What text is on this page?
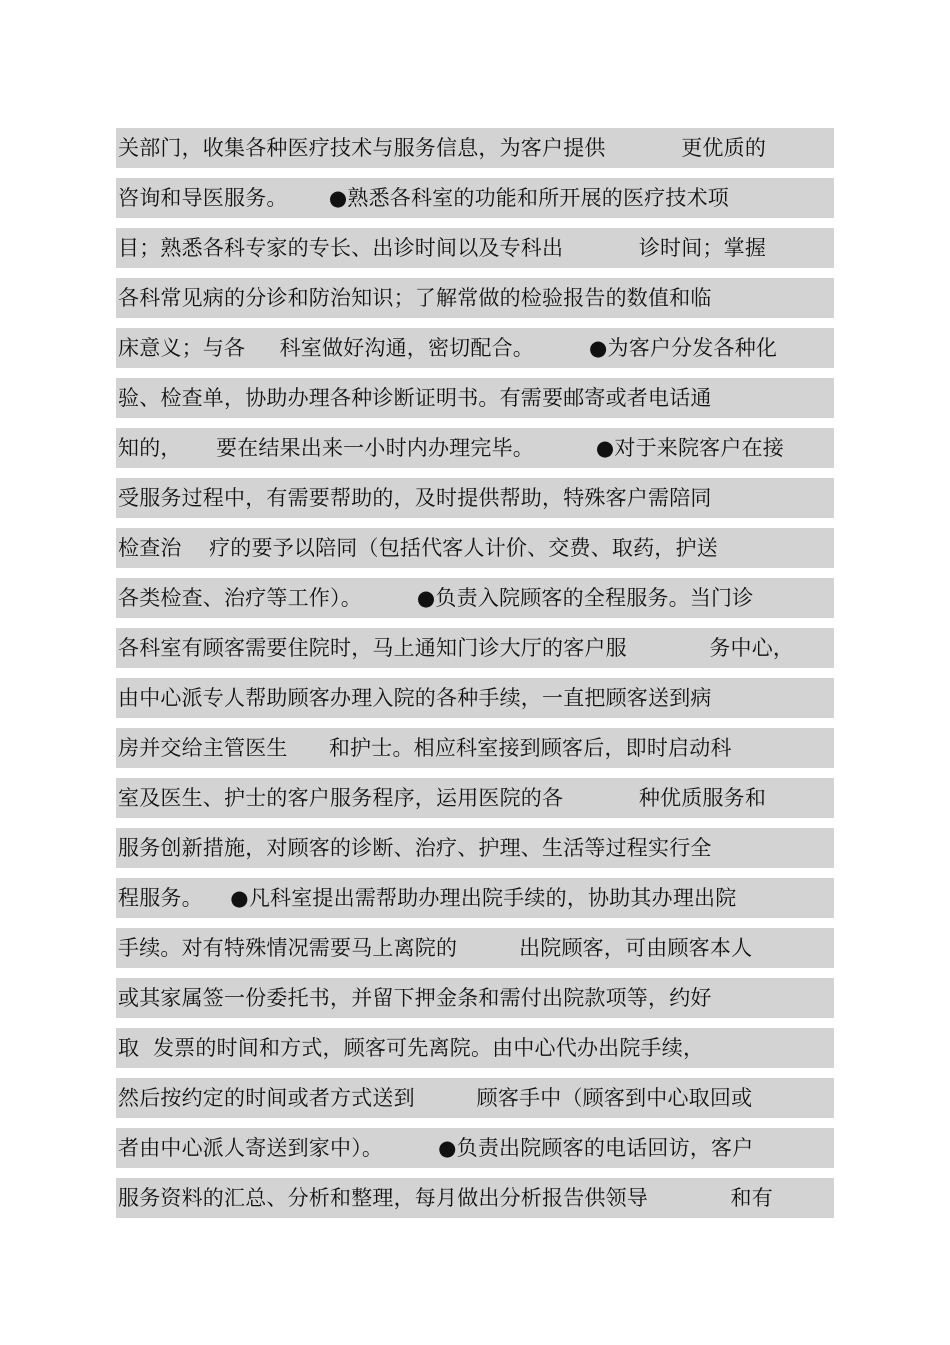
关部门，收集各种医疗技术与服务信息，为客户提供           更优质的
咨询和导医服务。      ●熟悉各科室的功能和所开展的医疗技术项
目；熟悉各科专家的专长、出诊时间以及专科出           诊时间；掌握
各科常见病的分诊和防治知识；了解常做的检验报告的数值和临
床意义；与各     科室做好沟通，密切配合。        ●为客户分发各种化
验、检查单，协助办理各种诊断证明书。有需要邮寄或者电话通
知的，     要在结果出来一小时内办理完毕。         ●对于来院客户在接
受服务过程中，有需要帮助的，及时提供帮助，特殊客户需陪同
检查治    疗的要予以陪同（包括代客人计价、交费、取药，护送
各类检查、治疗等工作）。        ●负责入院顾客的全程服务。当门诊
各科室有顾客需要住院时，马上通知门诊大厅的客户服            务中心，
由中心派专人帮助顾客办理入院的各种手续，一直把顾客送到病
房并交给主管医生      和护士。相应科室接到顾客后，即时启动科
室及医生、护士的客户服务程序，运用医院的各           种优质服务和
服务创新措施，对顾客的诊断、治疗、护理、生活等过程实行全
程服务。    ●凡科室提出需帮助办理出院手续的，协助其办理出院
手续。对有特殊情况需要马上离院的         出院顾客，可由顾客本人
或其家属签一份委托书，并留下押金条和需付出院款项等，约好
取  发票的时间和方式，顾客可先离院。由中心代办出院手续，
然后按约定的时间或者方式送到         顾客手中（顾客到中心取回或
者由中心派人寄送到家中）。        ●负责出院顾客的电话回访，客户
服务资料的汇总、分析和整理，每月做出分析报告供领导            和有
